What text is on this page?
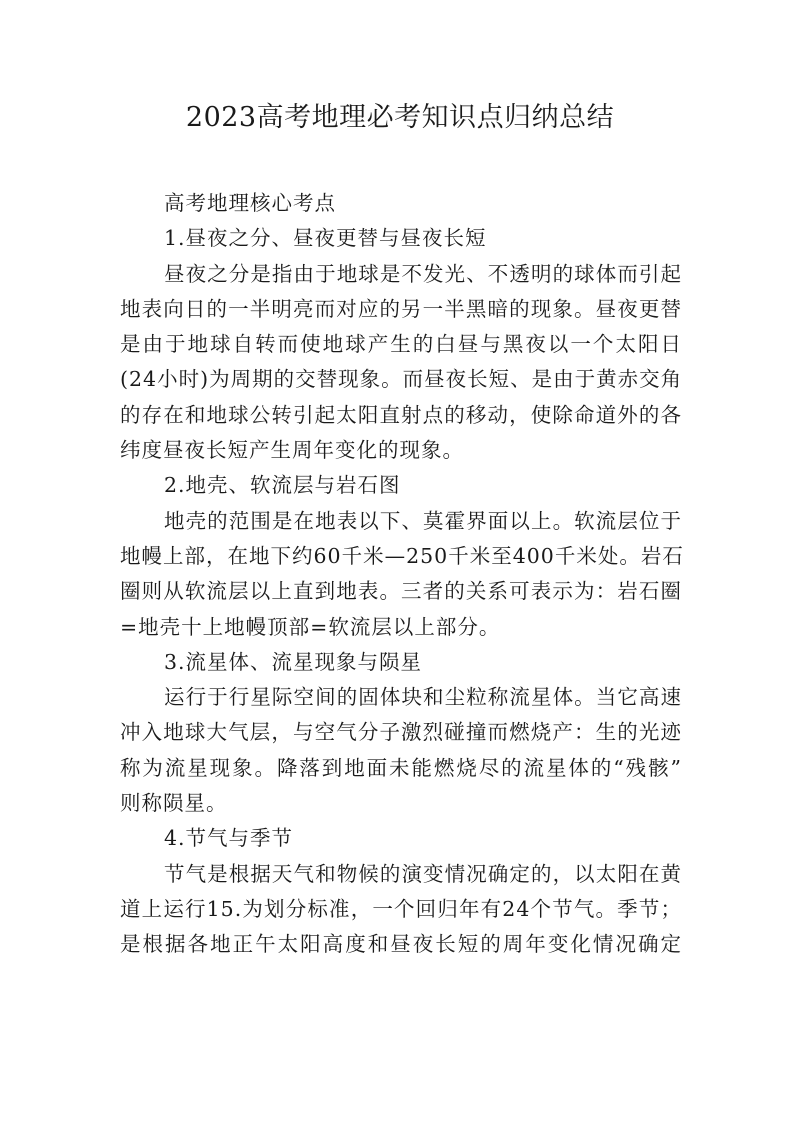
2023高考地理必考知识点归纳总结
高考地理核心考点
1.昼夜之分、昼夜更替与昼夜长短
昼夜之分是指由于地球是不发光、不透明的球体而引起
地表向日的一半明亮而对应的另一半黑暗的现象。昼夜更替
是由于地球自转而使地球产生的白昼与黑夜以一个太阳日
(24小时)为周期的交替现象。而昼夜长短、是由于黄赤交角
的存在和地球公转引起太阳直射点的移动，使除命道外的各
纬度昼夜长短产生周年变化的现象。
2.地壳、软流层与岩石图
地壳的范围是在地表以下、莫霍界面以上。软流层位于
地幔上部，在地下约60千米—250千米至400千米处。岩石
圈则从软流层以上直到地表。三者的关系可表示为：岩石圈
=地壳十上地幔顶部=软流层以上部分。
3.流星体、流星现象与陨星
运行于行星际空间的固体块和尘粒称流星体。当它高速
冲入地球大气层，与空气分子激烈碰撞而燃烧产：生的光迹
称为流星现象。降落到地面未能燃烧尽的流星体的“残骸”
则称陨星。
4.节气与季节
节气是根据天气和物候的演变情况确定的，以太阳在黄
道上运行15.为划分标准，一个回归年有24个节气。季节；
是根据各地正午太阳高度和昼夜长短的周年变化情况确定
